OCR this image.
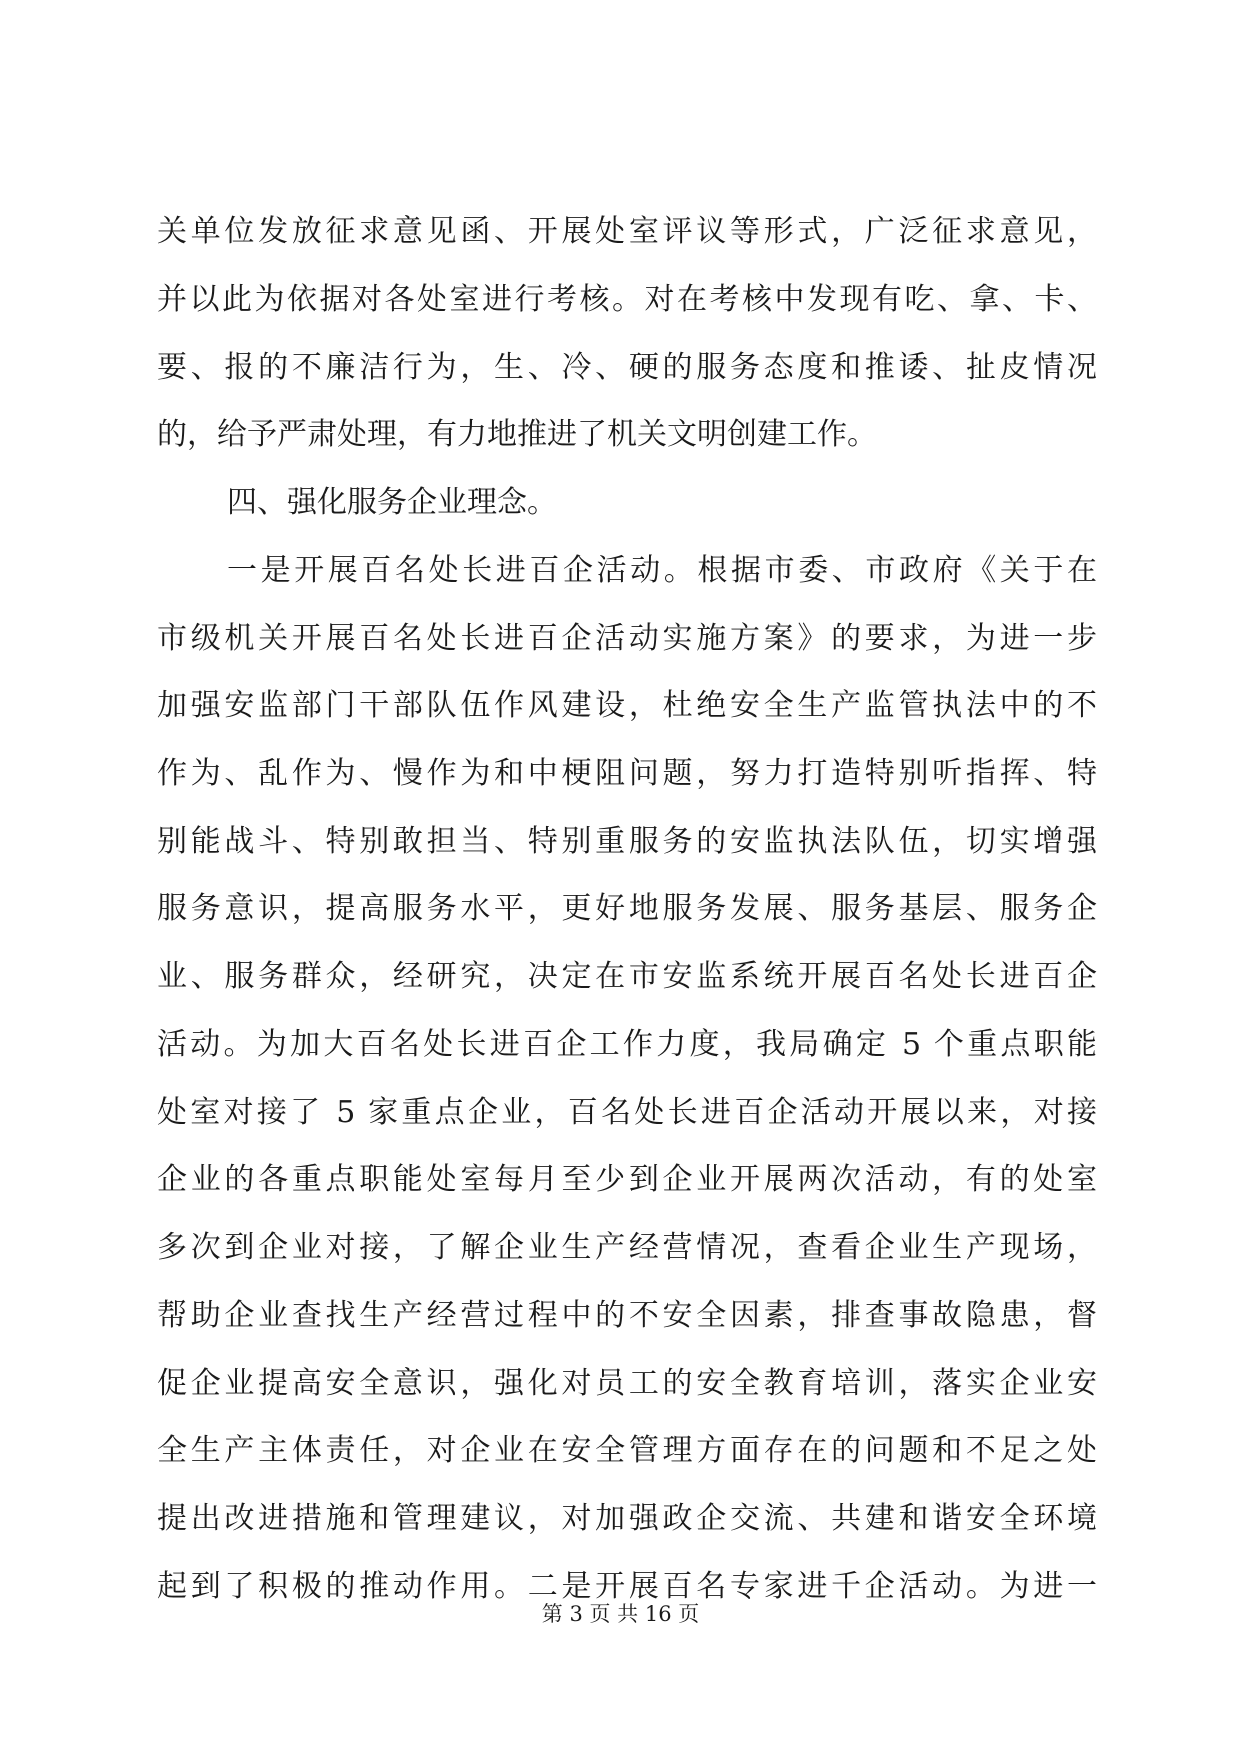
关单位发放征求意见函、开展处室评议等形式，广泛征求意见，
并以此为依据对各处室进行考核。对在考核中发现有吃、拿、卡、
要、报的不廉洁行为，生、冷、硬的服务态度和推诿、扯皮情况
的，给予严肃处理，有力地推进了机关文明创建工作。
四、强化服务企业理念。
一是开展百名处长进百企活动。根据市委、市政府《关于在
市级机关开展百名处长进百企活动实施方案》的要求，为进一步
加强安监部门干部队伍作风建设，杜绝安全生产监管执法中的不
作为、乱作为、慢作为和中梗阻问题，努力打造特别听指挥、特
别能战斗、特别敢担当、特别重服务的安监执法队伍，切实增强
服务意识，提高服务水平，更好地服务发展、服务基层、服务企
业、服务群众，经研究，决定在市安监系统开展百名处长进百企
活动。为加大百名处长进百企工作力度，我局确定 5 个重点职能
处室对接了 5 家重点企业，百名处长进百企活动开展以来，对接
企业的各重点职能处室每月至少到企业开展两次活动，有的处室
多次到企业对接，了解企业生产经营情况，查看企业生产现场，
帮助企业查找生产经营过程中的不安全因素，排查事故隐患，督
促企业提高安全意识，强化对员工的安全教育培训，落实企业安
全生产主体责任，对企业在安全管理方面存在的问题和不足之处
提出改进措施和管理建议，对加强政企交流、共建和谐安全环境
起到了积极的推动作用。二是开展百名专家进千企活动。为进一
第 3 页 共 16 页
